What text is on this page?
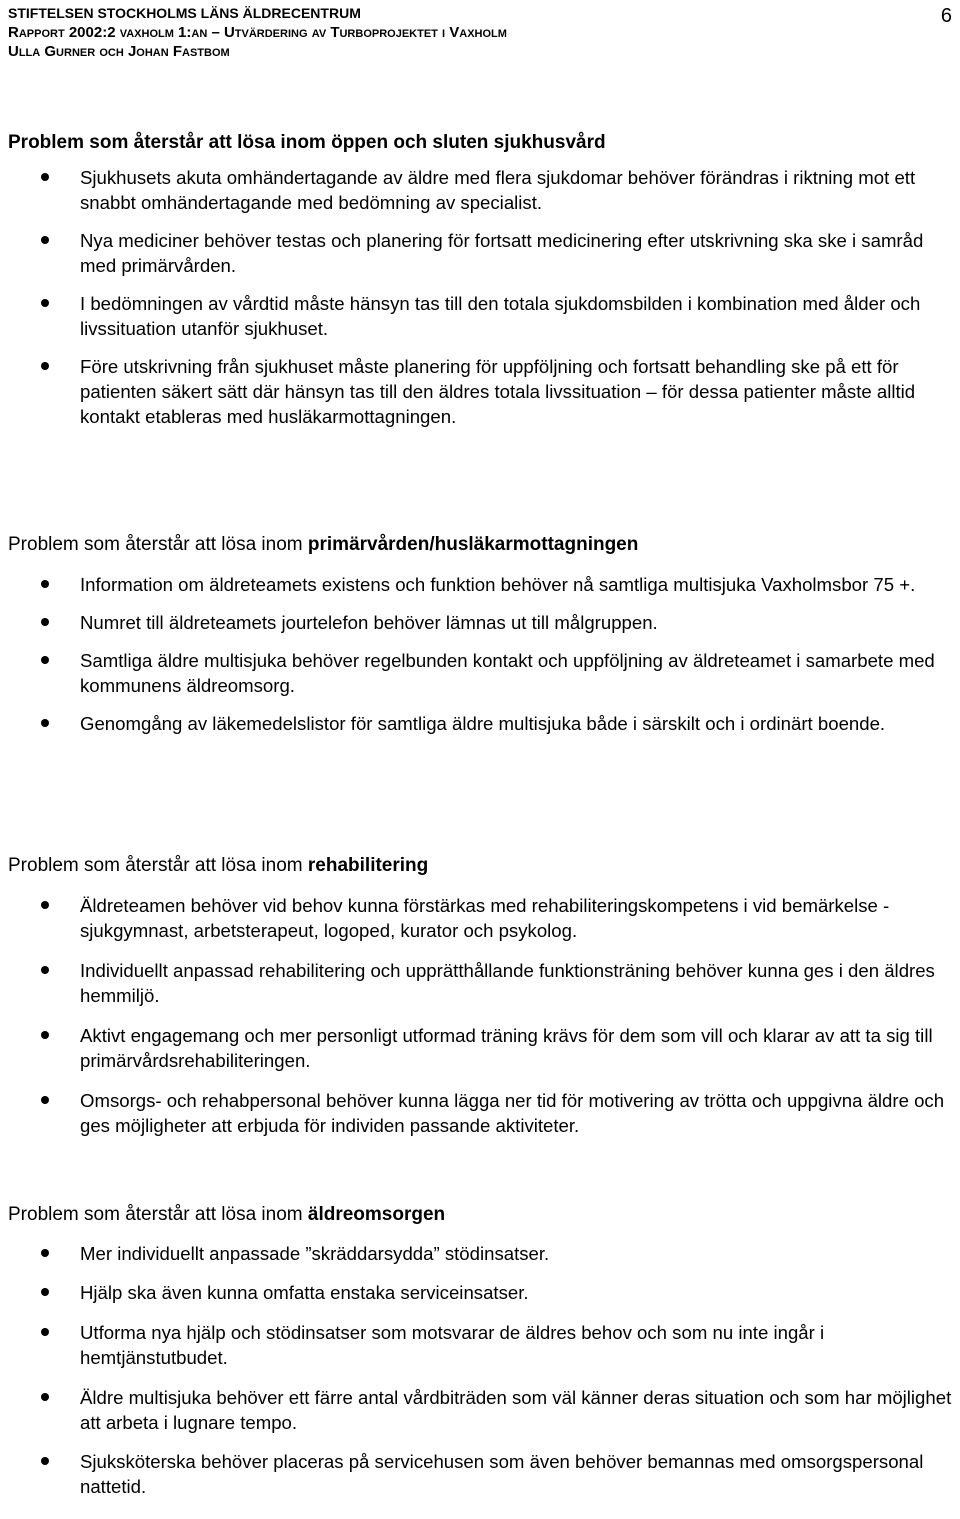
STIFTELSEN STOCKHOLMS LÄNS ÄLDRECENTRUM
Rapport 2002:2 vaxholm 1:an – Utvärdering av Turboprojektet i Vaxholm
Ulla Gurner och Johan Fastbom
6
Problem som återstår att lösa inom öppen och sluten sjukhusvård
Sjukhusets akuta omhändertagande av äldre med flera sjukdomar behöver förändras i riktning mot ett snabbt omhändertagande med bedömning av specialist.
Nya mediciner behöver testas och planering för fortsatt medicinering efter utskrivning ska ske i samråd med primärvården.
I bedömningen av vårdtid måste hänsyn tas till den totala sjukdomsbilden i kombination med ålder och livssituation utanför sjukhuset.
Före utskrivning från sjukhuset måste planering för uppföljning och fortsatt behandling ske på ett för patienten säkert sätt där hänsyn tas till den äldres totala livssituation – för dessa patienter måste alltid kontakt etableras med husläkarmottagningen.
Problem som återstår att lösa inom primärvården/husläkarmottagningen
Information om äldreteamets existens och funktion behöver nå samtliga multisjuka Vaxholmsbor 75 +.
Numret till äldreteamets jourtelefon behöver lämnas ut till målgruppen.
Samtliga äldre multisjuka behöver regelbunden kontakt och uppföljning av äldreteamet i samarbete med kommunens äldreomsorg.
Genomgång av läkemedelslistor för samtliga äldre multisjuka både i särskilt och i ordinärt boende.
Problem som återstår att lösa inom rehabilitering
Äldreteamen behöver vid behov kunna förstärkas med rehabiliteringskompetens i vid bemärkelse - sjukgymnast, arbetsterapeut, logoped, kurator och psykolog.
Individuellt anpassad rehabilitering och upprätthållande funktionsträning behöver kunna ges i den äldres hemmiljö.
Aktivt engagemang och mer personligt utformad träning krävs för dem som vill och klarar av att ta sig till primärvårdsrehabiliteringen.
Omsorgs- och rehabpersonal behöver kunna lägga ner tid för motivering av trötta och uppgivna äldre och ges möjligheter att erbjuda för individen passande aktiviteter.
Problem som återstår att lösa inom äldreomsorgen
Mer individuellt anpassade ”skräddarsydda” stödinsatser.
Hjälp ska även kunna omfatta enstaka serviceinsatser.
Utforma nya hjälp och stödinsatser som motsvarar de äldres behov och som nu inte ingår i hemtjänstutbudet.
Äldre multisjuka behöver ett färre antal vårdbiträden som väl känner deras situation och som har möjlighet att arbeta i lugnare tempo.
Sjuksköterska behöver placeras på servicehusen som även behöver bemannas med omsorgspersonal nattetid.
